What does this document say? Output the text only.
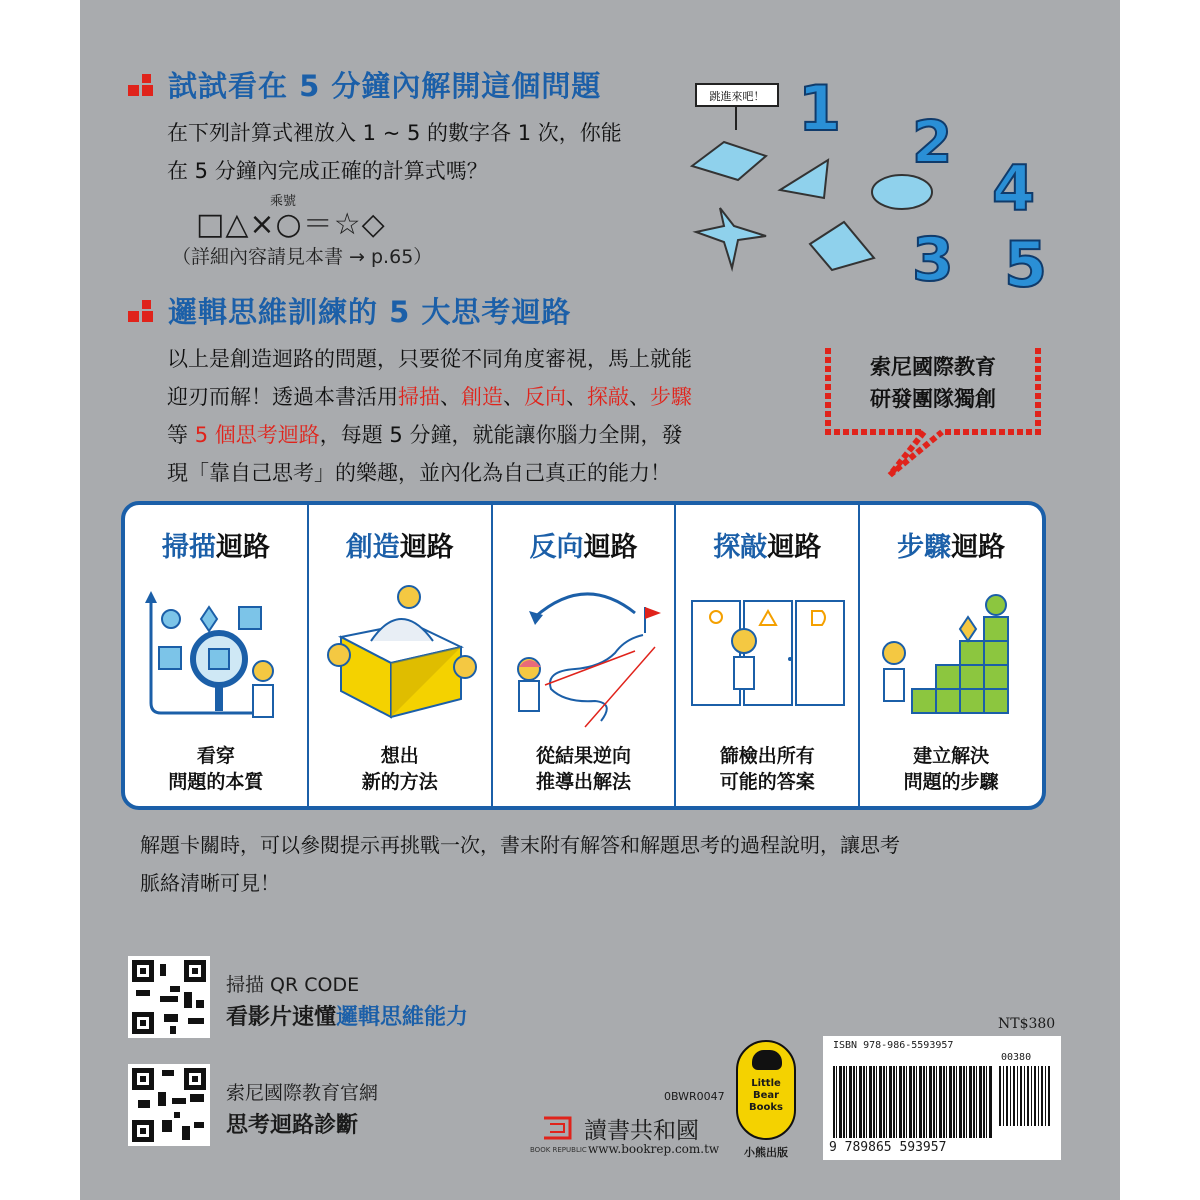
試試看在 5 分鐘內解開這個問題
在下列計算式裡放入 1 ~ 5 的數字各 1 次，你能
在 5 分鐘內完成正確的計算式嗎？
乘號
□△×○＝☆◇
（詳細內容請見本書 → p.65）
跳進來吧！ 1 2
4
3 5
邏輯思維訓練的 5 大思考迴路
以上是創造迴路的問題，只要從不同角度審視，馬上就能
迎刃而解！透過本書活用掃描、創造、反向、探敲、步驟
等 5 個思考迴路，每題 5 分鐘，就能讓你腦力全開，發
現「靠自己思考」的樂趣，並內化為自己真正的能力！
索尼國際教育
研發團隊獨創
掃描迴路
看穿
問題的本質
創造迴路
想出
新的方法
反向迴路
從結果逆向
推導出解法
探敲迴路
篩檢出所有
可能的答案
步驟迴路
建立解決
問題的步驟
解題卡關時，可以參閱提示再挑戰一次，書末附有解答和解題思考的過程說明，讓思考
脈絡清晰可見！
掃描 QR CODE
看影片速懂邏輯思維能力
索尼國際教育官網
思考迴路診斷
0BWR0047
讀書共和國
BOOK REPUBLIC www.bookrep.com.tw
Little
Bear
Books
小熊出版
NT$380
ISBN 978-986-5593957
00380
9 789865 593957
